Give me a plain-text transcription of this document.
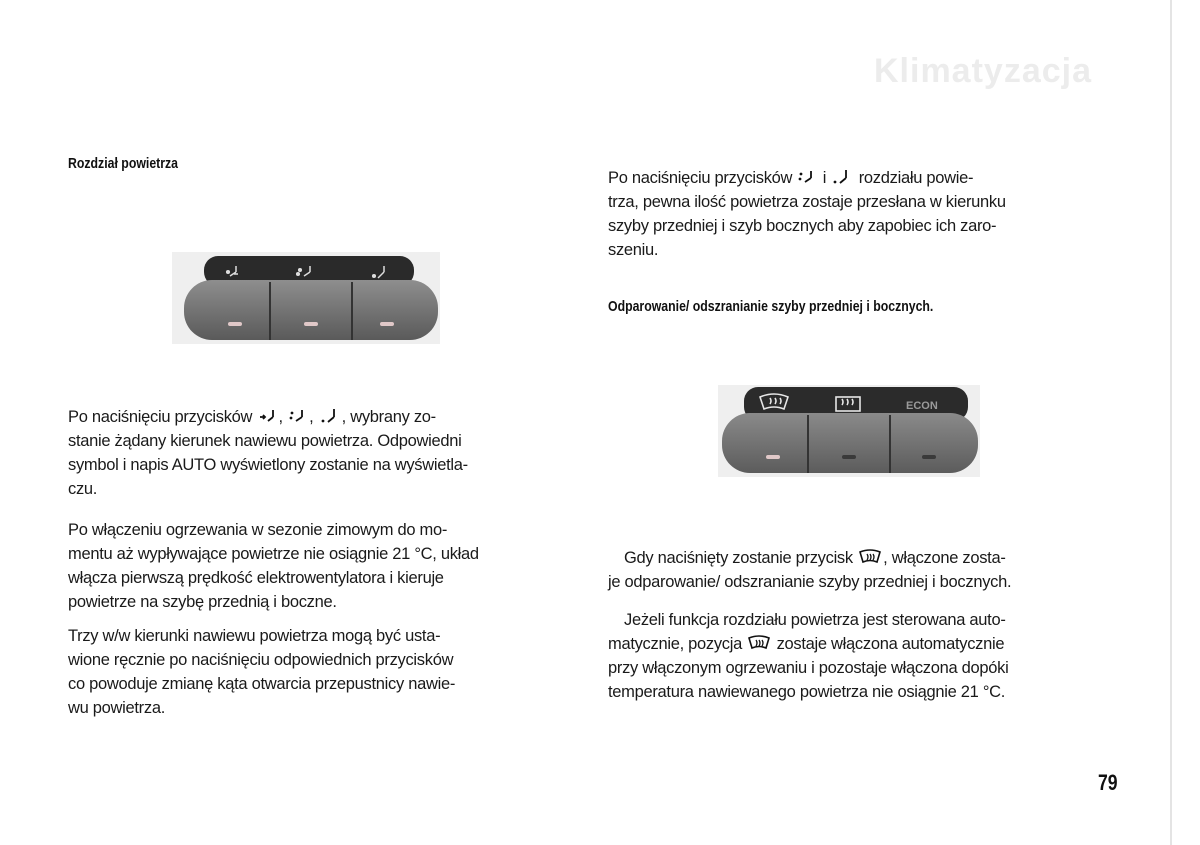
Klimatyzacja
Rozdział powietrza
Po naciśnięciu przycisków , , , wybrany zo-
stanie żądany kierunek nawiewu powietrza. Odpowiedni
symbol i napis AUTO wyświetlony zostanie na wyświetla-
czu.
Po włączeniu ogrzewania w sezonie zimowym do mo-
mentu aż wypływające powietrze nie osiągnie 21 °C, układ
włącza pierwszą prędkość elektrowentylatora i kieruje
powietrze na szybę przednią i boczne.
Trzy w/w kierunki nawiewu powietrza mogą być usta-
wione ręcznie po naciśnięciu odpowiednich przycisków
co powoduje zmianę kąta otwarcia przepustnicy nawie-
wu powietrza.
Po naciśnięciu przycisków i rozdziału powie-
trza, pewna ilość powietrza zostaje przesłana w kierunku
szyby przedniej i szyb bocznych aby zapobiec ich zaro-
szeniu.
Odparowanie/ odszranianie szyby przedniej i bocznych.
ECON
Gdy naciśnięty zostanie przycisk , włączone zosta-
je odparowanie/ odszranianie szyby przedniej i bocznych.
Jeżeli funkcja rozdziału powietrza jest sterowana auto-
matycznie, pozycja zostaje włączona automatycznie
przy włączonym ogrzewaniu i pozostaje włączona dopóki
temperatura nawiewanego powietrza nie osiągnie 21 °C.
79
